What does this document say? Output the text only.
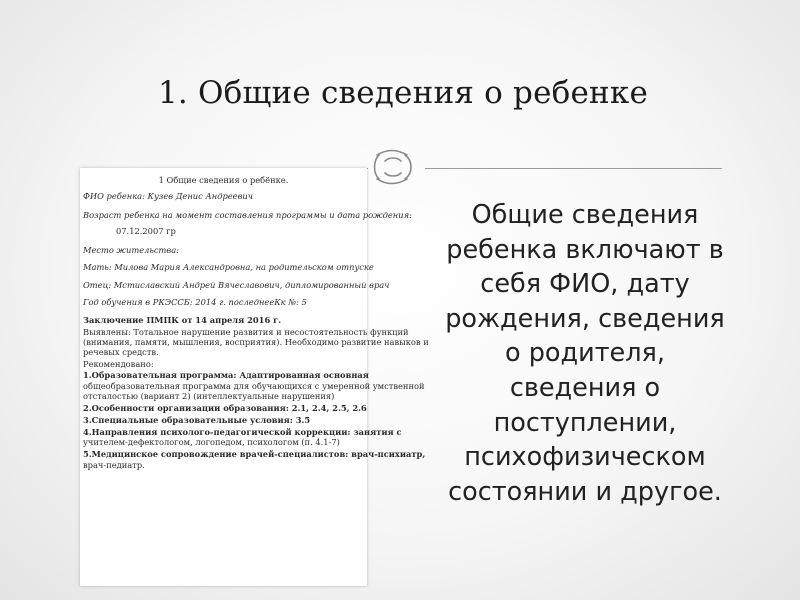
1. Общие сведения о ребенке
1 Общие сведения о ребёнке.
ФИО ребенка: Кузев Денис Андреевич
Возраст ребенка на момент составления программы и дата рождения:
07.12.2007 гр
Место жительства:
Мать: Милова Мария Александровна, на родительском отпуске
Отец: Мстиславский Андрей Вячеславович, дипломированный врач
Год обучения в РКЭССБ: 2014 г. последнееКк №: 5
Заключение ПМПК от 14 апреля 2016 г.
Выявлены: Тотальное нарушение развития и несостоятельность функций
(внимания, памяти, мышления, восприятия). Необходимо развитие навыков и
речевых средств.
Рекомендовано:
1.Образовательная программа: Адаптированная основная
общеобразовательная программа для обучающихся с умеренной умственной
отсталостью (вариант 2) (интеллектуальные нарушения)
2.Особенности организации образования: 2.1, 2.4, 2.5, 2.6
3.Специальные образовательные условия: 3.5
4.Направления психолого-педагогической коррекции: занятия с
учителем-дефектологом, логопедом, психологом (п. 4.1-7)
5.Медицинское сопровождение врачей-специалистов: врач-психиатр,
врач-педиатр.
Общие сведения
ребенка включают в
себя ФИО, дату
рождения, сведения
о родителя,
сведения о
поступлении,
психофизическом
состоянии и другое.
